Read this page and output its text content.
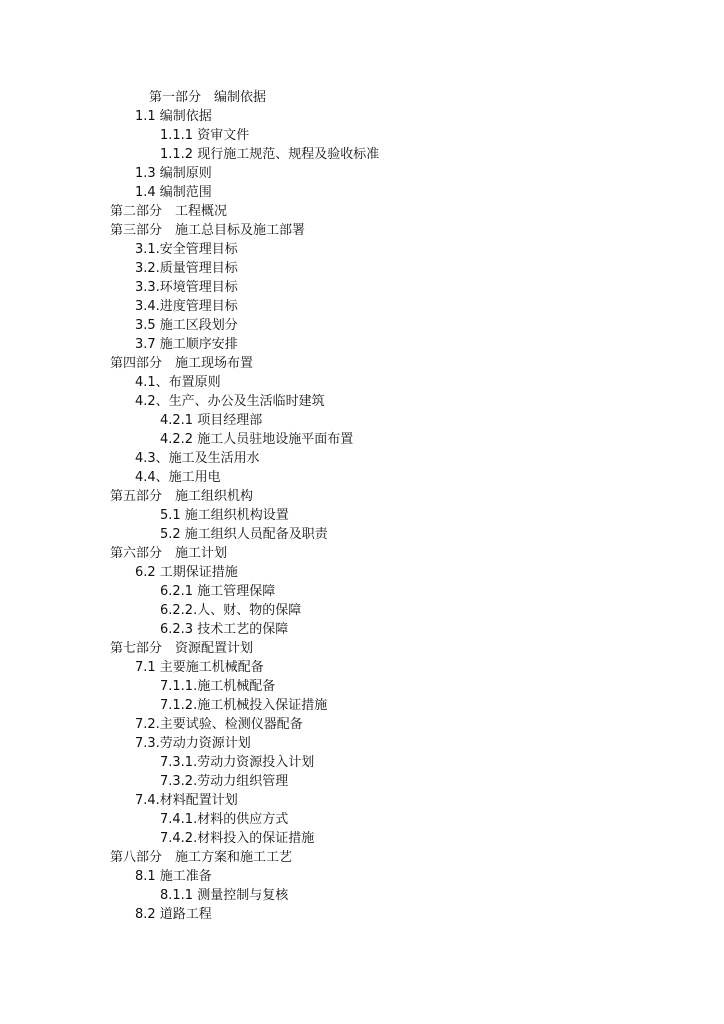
第一部分　编制依据
1.1 编制依据
1.1.1 资审文件
1.1.2 现行施工规范、规程及验收标准
1.3 编制原则
1.4 编制范围
第二部分　工程概况
第三部分　施工总目标及施工部署
3.1.安全管理目标
3.2.质量管理目标
3.3.环境管理目标
3.4.进度管理目标
3.5 施工区段划分
3.7 施工顺序安排
第四部分　施工现场布置
4.1、布置原则
4.2、生产、办公及生活临时建筑
4.2.1 项目经理部
4.2.2 施工人员驻地设施平面布置
4.3、施工及生活用水
4.4、施工用电
第五部分　施工组织机构
5.1 施工组织机构设置
5.2 施工组织人员配备及职责
第六部分　施工计划
6.2 工期保证措施
6.2.1 施工管理保障
6.2.2.人、财、物的保障
6.2.3 技术工艺的保障
第七部分　资源配置计划
7.1 主要施工机械配备
7.1.1.施工机械配备
7.1.2.施工机械投入保证措施
7.2.主要试验、检测仪器配备
7.3.劳动力资源计划
7.3.1.劳动力资源投入计划
7.3.2.劳动力组织管理
7.4.材料配置计划
7.4.1.材料的供应方式
7.4.2.材料投入的保证措施
第八部分　施工方案和施工工艺
8.1 施工准备
8.1.1 测量控制与复核
8.2 道路工程
